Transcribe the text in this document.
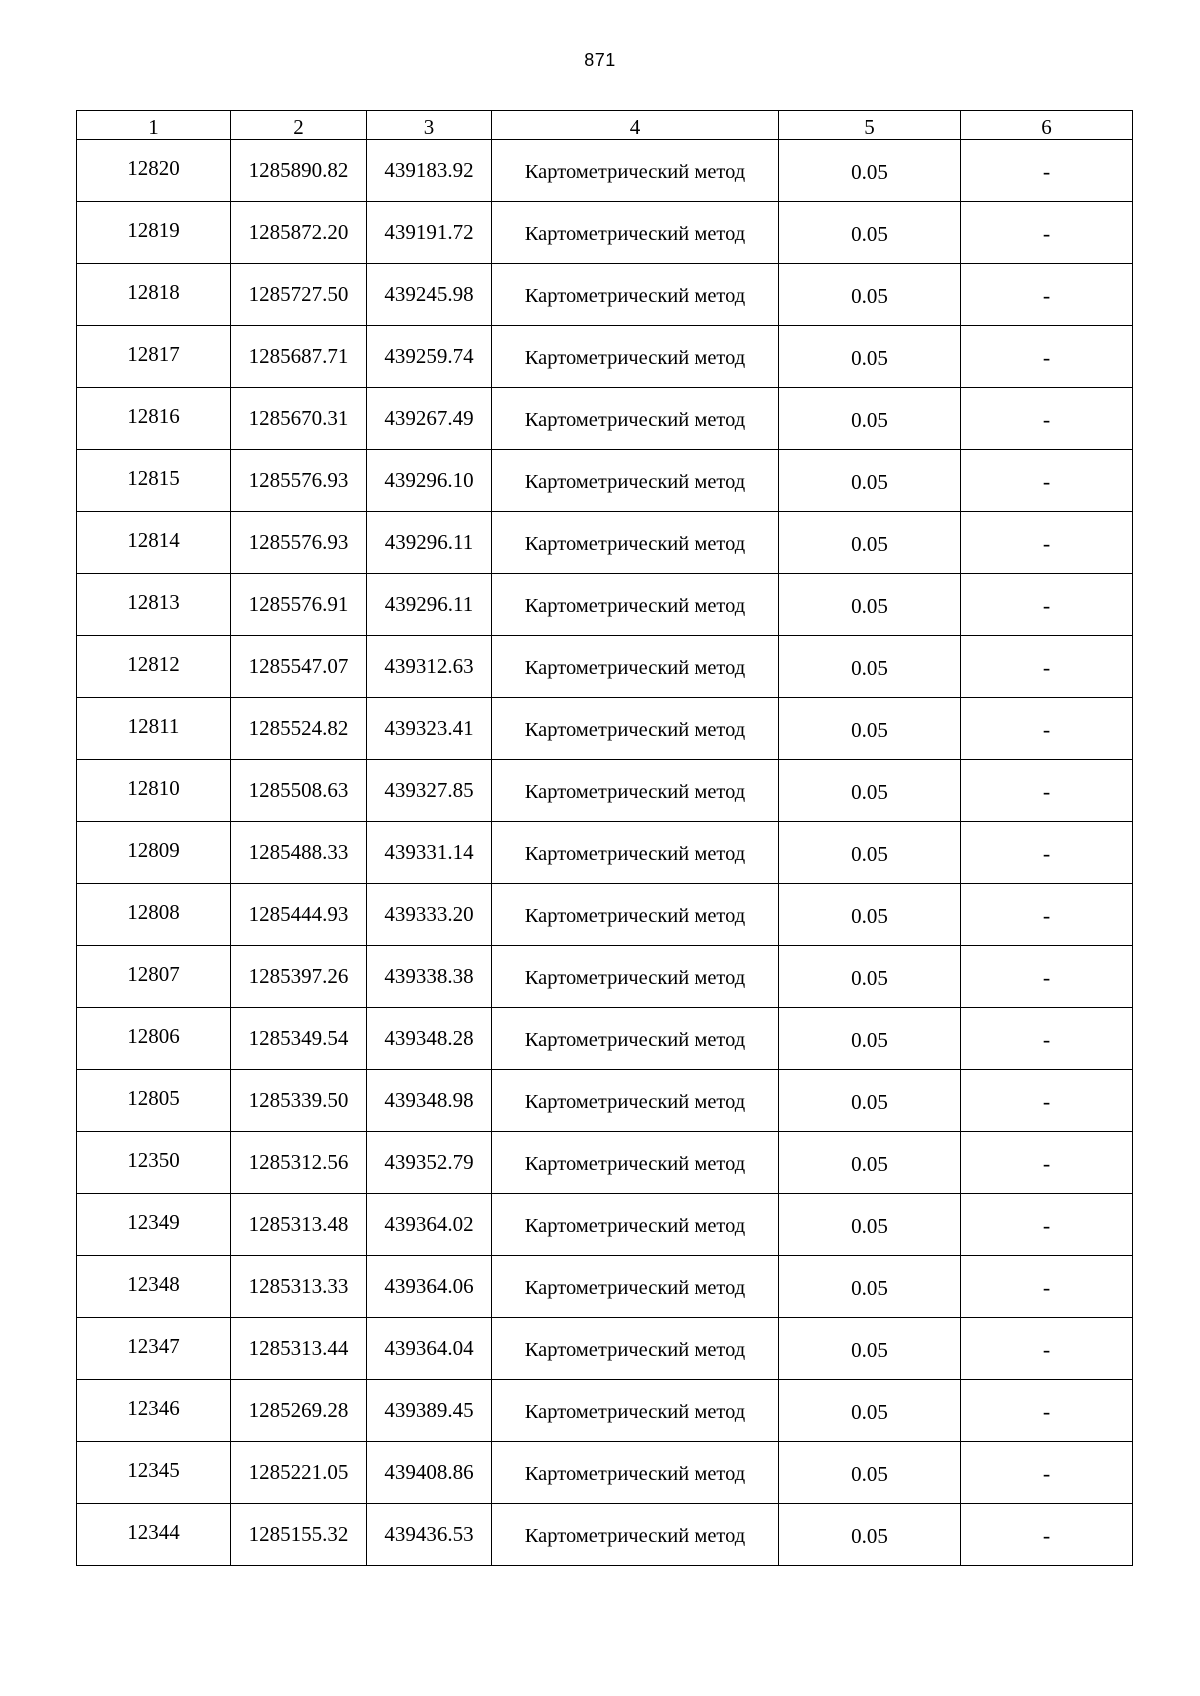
871
1	2	3	4	5	6
12820	1285890.82	439183.92	Картометрический метод	0.05	-
12819	1285872.20	439191.72	Картометрический метод	0.05	-
12818	1285727.50	439245.98	Картометрический метод	0.05	-
12817	1285687.71	439259.74	Картометрический метод	0.05	-
12816	1285670.31	439267.49	Картометрический метод	0.05	-
12815	1285576.93	439296.10	Картометрический метод	0.05	-
12814	1285576.93	439296.11	Картометрический метод	0.05	-
12813	1285576.91	439296.11	Картометрический метод	0.05	-
12812	1285547.07	439312.63	Картометрический метод	0.05	-
12811	1285524.82	439323.41	Картометрический метод	0.05	-
12810	1285508.63	439327.85	Картометрический метод	0.05	-
12809	1285488.33	439331.14	Картометрический метод	0.05	-
12808	1285444.93	439333.20	Картометрический метод	0.05	-
12807	1285397.26	439338.38	Картометрический метод	0.05	-
12806	1285349.54	439348.28	Картометрический метод	0.05	-
12805	1285339.50	439348.98	Картометрический метод	0.05	-
12350	1285312.56	439352.79	Картометрический метод	0.05	-
12349	1285313.48	439364.02	Картометрический метод	0.05	-
12348	1285313.33	439364.06	Картометрический метод	0.05	-
12347	1285313.44	439364.04	Картометрический метод	0.05	-
12346	1285269.28	439389.45	Картометрический метод	0.05	-
12345	1285221.05	439408.86	Картометрический метод	0.05	-
12344	1285155.32	439436.53	Картометрический метод	0.05	-
